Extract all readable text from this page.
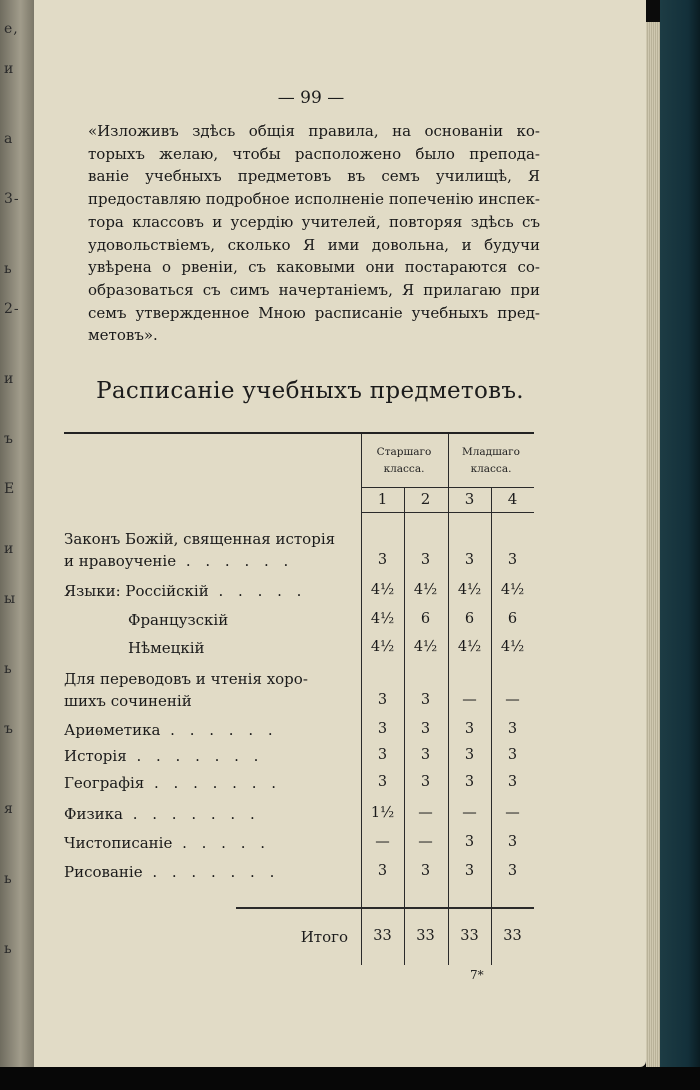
е,
и
а
3-
ь
2-
и
ъ
Е
и
ы
ь
ъ
я
ь
ь
— 99 —
«Изложивъ здѣсь общiя правила, на основанiи ко-
торыхъ желаю, чтобы расположено было препода-
ванiе учебныхъ предметовъ въ семъ училищѣ, Я
предоставляю подробное исполненiе попеченiю инспек-
тора классовъ и усердiю учителей, повторяя здѣсь съ
удовольствiемъ, сколько Я ими довольна, и будучи
увѣрена о рвенiи, съ каковыми они постараются со-
образоваться съ симъ начертанiемъ, Я прилагаю при
семъ утвержденное Мною расписанiе учебныхъ пред-
метовъ».
Расписанiе учебныхъ предметовъ.
Старшаго
класса.
Младшаго
класса.
1	2	3	4
Законъ Божiй, священная исторiя
и нравоученiе . . . . . .	3	3	3	3
Языки: Россiйскiй . . . . .	4½	4½	4½	4½
Французскiй	4½	6	6	6
Нѣмецкiй	4½	4½	4½	4½
Для переводовъ и чтенiя хоро-
шихъ сочиненiй	3	3	—	—
Ариѳметика . . . . . .	3	3	3	3
Исторiя . . . . . . .	3	3	3	3
Географiя . . . . . . .	3	3	3	3
Физика . . . . . . .	1½	—	—	—
Чистописанiе . . . . .	—	—	3	3
Рисованiе . . . . . . .	3	3	3	3
Итого	33	33	33	33
7*
